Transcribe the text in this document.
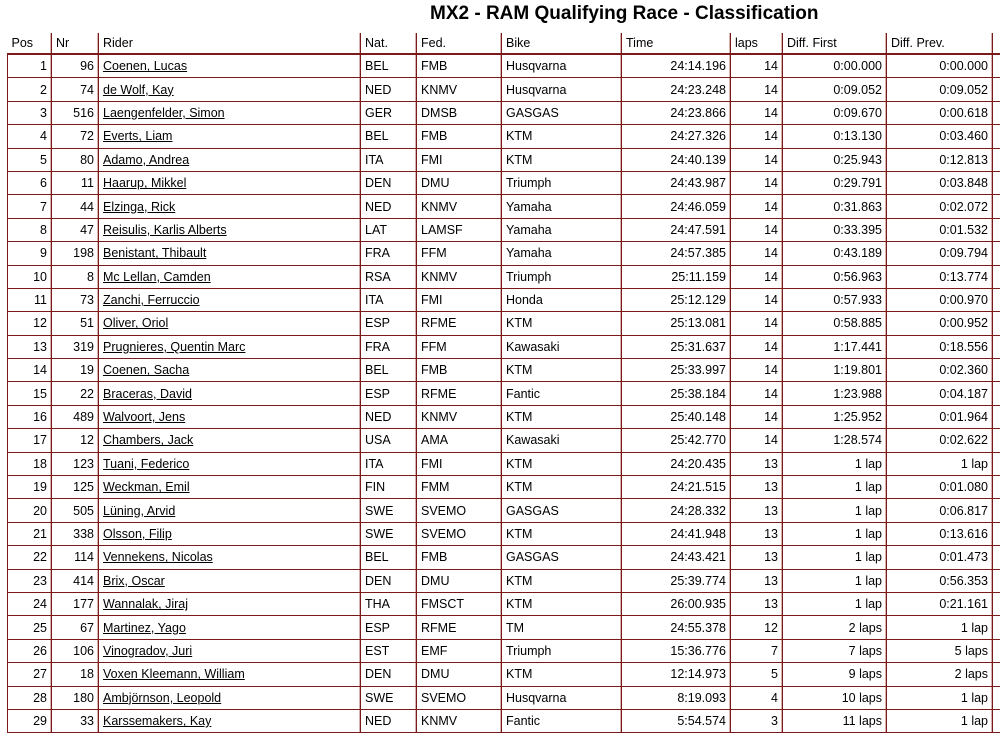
MX2 - RAM Qualifying Race - Classification
Pos	Nr	Rider	Nat.	Fed.	Bike	Time	laps	Diff. First	Diff. Prev.	
1	96	Coenen, Lucas	BEL	FMB	Husqvarna	24:14.196	14	0:00.000	0:00.000	
2	74	de Wolf, Kay	NED	KNMV	Husqvarna	24:23.248	14	0:09.052	0:09.052	
3	516	Laengenfelder, Simon	GER	DMSB	GASGAS	24:23.866	14	0:09.670	0:00.618	
4	72	Everts, Liam	BEL	FMB	KTM	24:27.326	14	0:13.130	0:03.460	
5	80	Adamo, Andrea	ITA	FMI	KTM	24:40.139	14	0:25.943	0:12.813	
6	11	Haarup, Mikkel	DEN	DMU	Triumph	24:43.987	14	0:29.791	0:03.848	
7	44	Elzinga, Rick	NED	KNMV	Yamaha	24:46.059	14	0:31.863	0:02.072	
8	47	Reisulis, Karlis Alberts	LAT	LAMSF	Yamaha	24:47.591	14	0:33.395	0:01.532	
9	198	Benistant, Thibault	FRA	FFM	Yamaha	24:57.385	14	0:43.189	0:09.794	
10	8	Mc Lellan, Camden	RSA	KNMV	Triumph	25:11.159	14	0:56.963	0:13.774	
11	73	Zanchi, Ferruccio	ITA	FMI	Honda	25:12.129	14	0:57.933	0:00.970	
12	51	Oliver, Oriol	ESP	RFME	KTM	25:13.081	14	0:58.885	0:00.952	
13	319	Prugnieres, Quentin Marc	FRA	FFM	Kawasaki	25:31.637	14	1:17.441	0:18.556	
14	19	Coenen, Sacha	BEL	FMB	KTM	25:33.997	14	1:19.801	0:02.360	
15	22	Braceras, David	ESP	RFME	Fantic	25:38.184	14	1:23.988	0:04.187	
16	489	Walvoort, Jens	NED	KNMV	KTM	25:40.148	14	1:25.952	0:01.964	
17	12	Chambers, Jack	USA	AMA	Kawasaki	25:42.770	14	1:28.574	0:02.622	
18	123	Tuani, Federico	ITA	FMI	KTM	24:20.435	13	1 lap	1 lap	
19	125	Weckman, Emil	FIN	FMM	KTM	24:21.515	13	1 lap	0:01.080	
20	505	Lüning, Arvid	SWE	SVEMO	GASGAS	24:28.332	13	1 lap	0:06.817	
21	338	Olsson, Filip	SWE	SVEMO	KTM	24:41.948	13	1 lap	0:13.616	
22	114	Vennekens, Nicolas	BEL	FMB	GASGAS	24:43.421	13	1 lap	0:01.473	
23	414	Brix, Oscar	DEN	DMU	KTM	25:39.774	13	1 lap	0:56.353	
24	177	Wannalak, Jiraj	THA	FMSCT	KTM	26:00.935	13	1 lap	0:21.161	
25	67	Martinez, Yago	ESP	RFME	TM	24:55.378	12	2 laps	1 lap	
26	106	Vinogradov, Juri	EST	EMF	Triumph	15:36.776	7	7 laps	5 laps	
27	18	Voxen Kleemann, William	DEN	DMU	KTM	12:14.973	5	9 laps	2 laps	
28	180	Ambjörnson, Leopold	SWE	SVEMO	Husqvarna	8:19.093	4	10 laps	1 lap	
29	33	Karssemakers, Kay	NED	KNMV	Fantic	5:54.574	3	11 laps	1 lap	
